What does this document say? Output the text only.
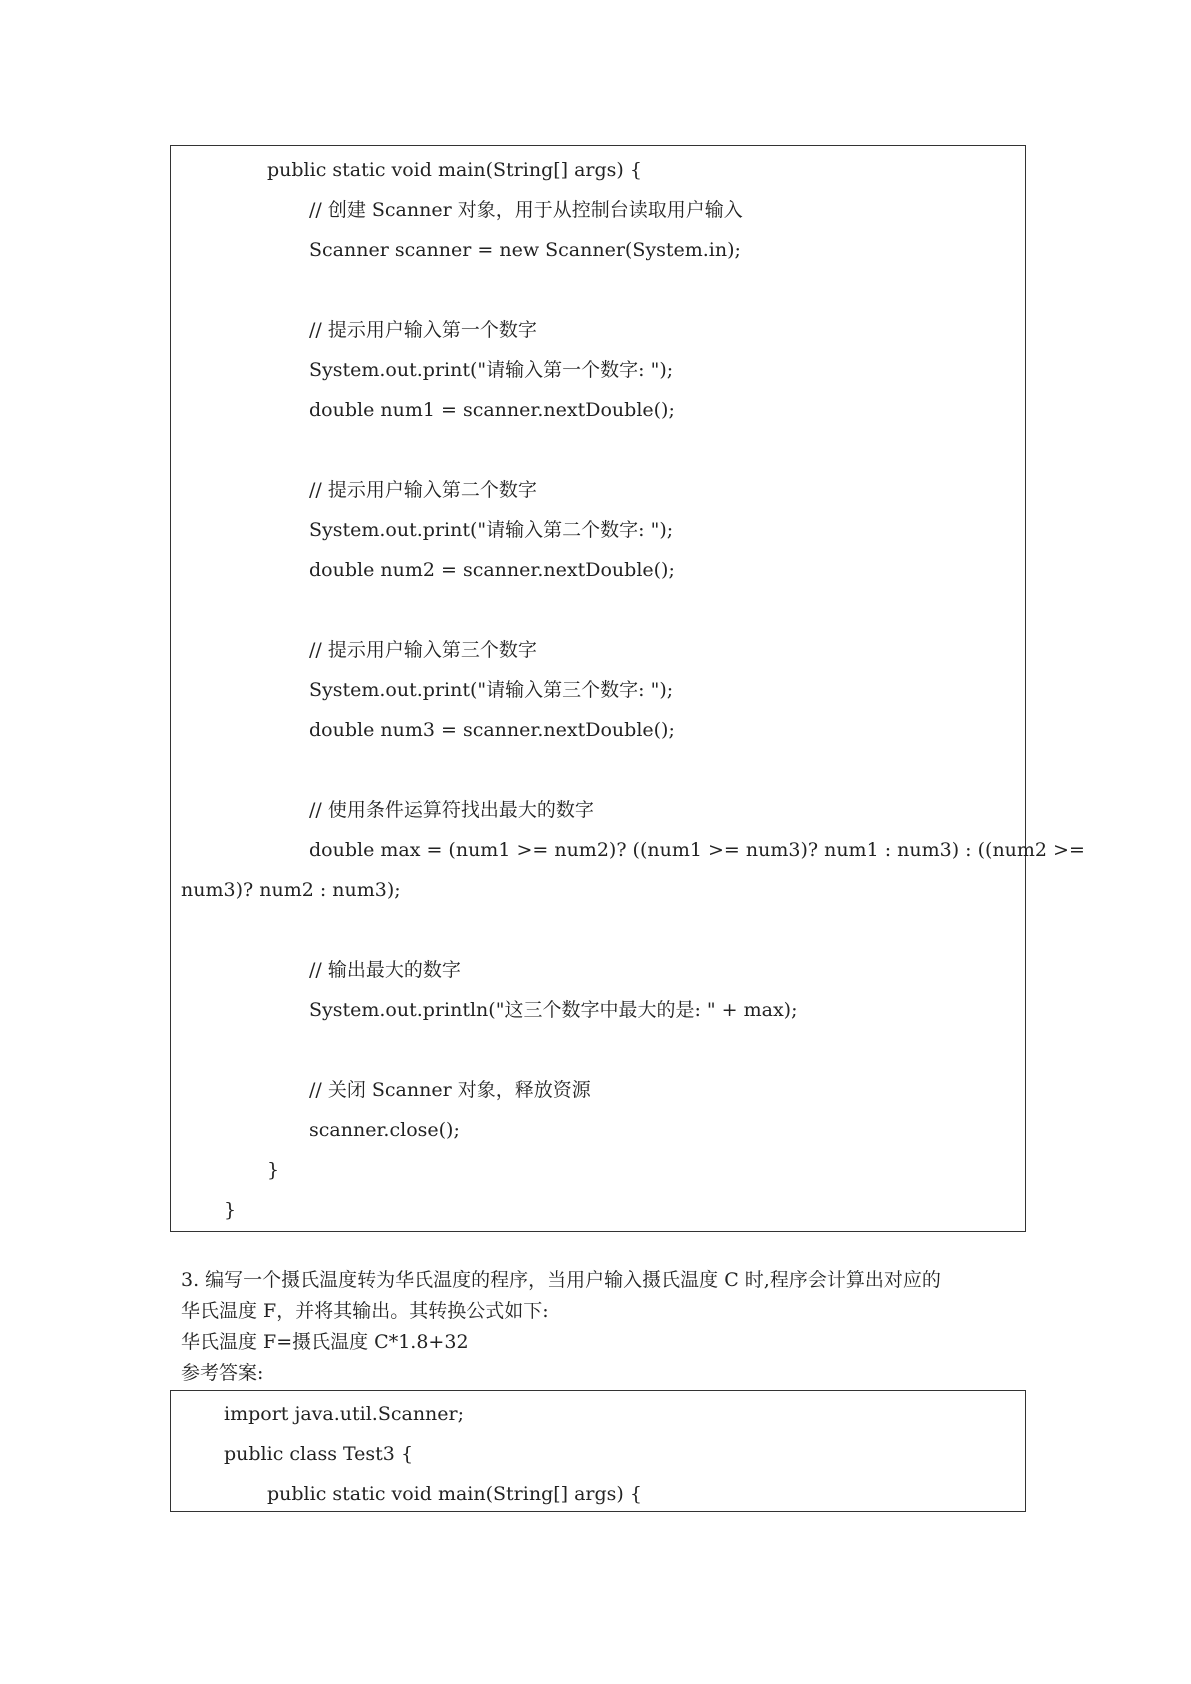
public static void main(String[] args) {
// 创建 Scanner 对象，用于从控制台读取用户输入
Scanner scanner = new Scanner(System.in);
// 提示用户输入第一个数字
System.out.print("请输入第一个数字: ");
double num1 = scanner.nextDouble();
// 提示用户输入第二个数字
System.out.print("请输入第二个数字: ");
double num2 = scanner.nextDouble();
// 提示用户输入第三个数字
System.out.print("请输入第三个数字: ");
double num3 = scanner.nextDouble();
// 使用条件运算符找出最大的数字
double max = (num1 >= num2)? ((num1 >= num3)? num1 : num3) : ((num2 >=
num3)? num2 : num3);
// 输出最大的数字
System.out.println("这三个数字中最大的是: " + max);
// 关闭 Scanner 对象，释放资源
scanner.close();
}
}
3. 编写一个摄氏温度转为华氏温度的程序，当用户输入摄氏温度 C 时,程序会计算出对应的
华氏温度 F，并将其输出。其转换公式如下:
华氏温度 F=摄氏温度 C*1.8+32
参考答案:
import java.util.Scanner;
public class Test3 {
public static void main(String[] args) {
